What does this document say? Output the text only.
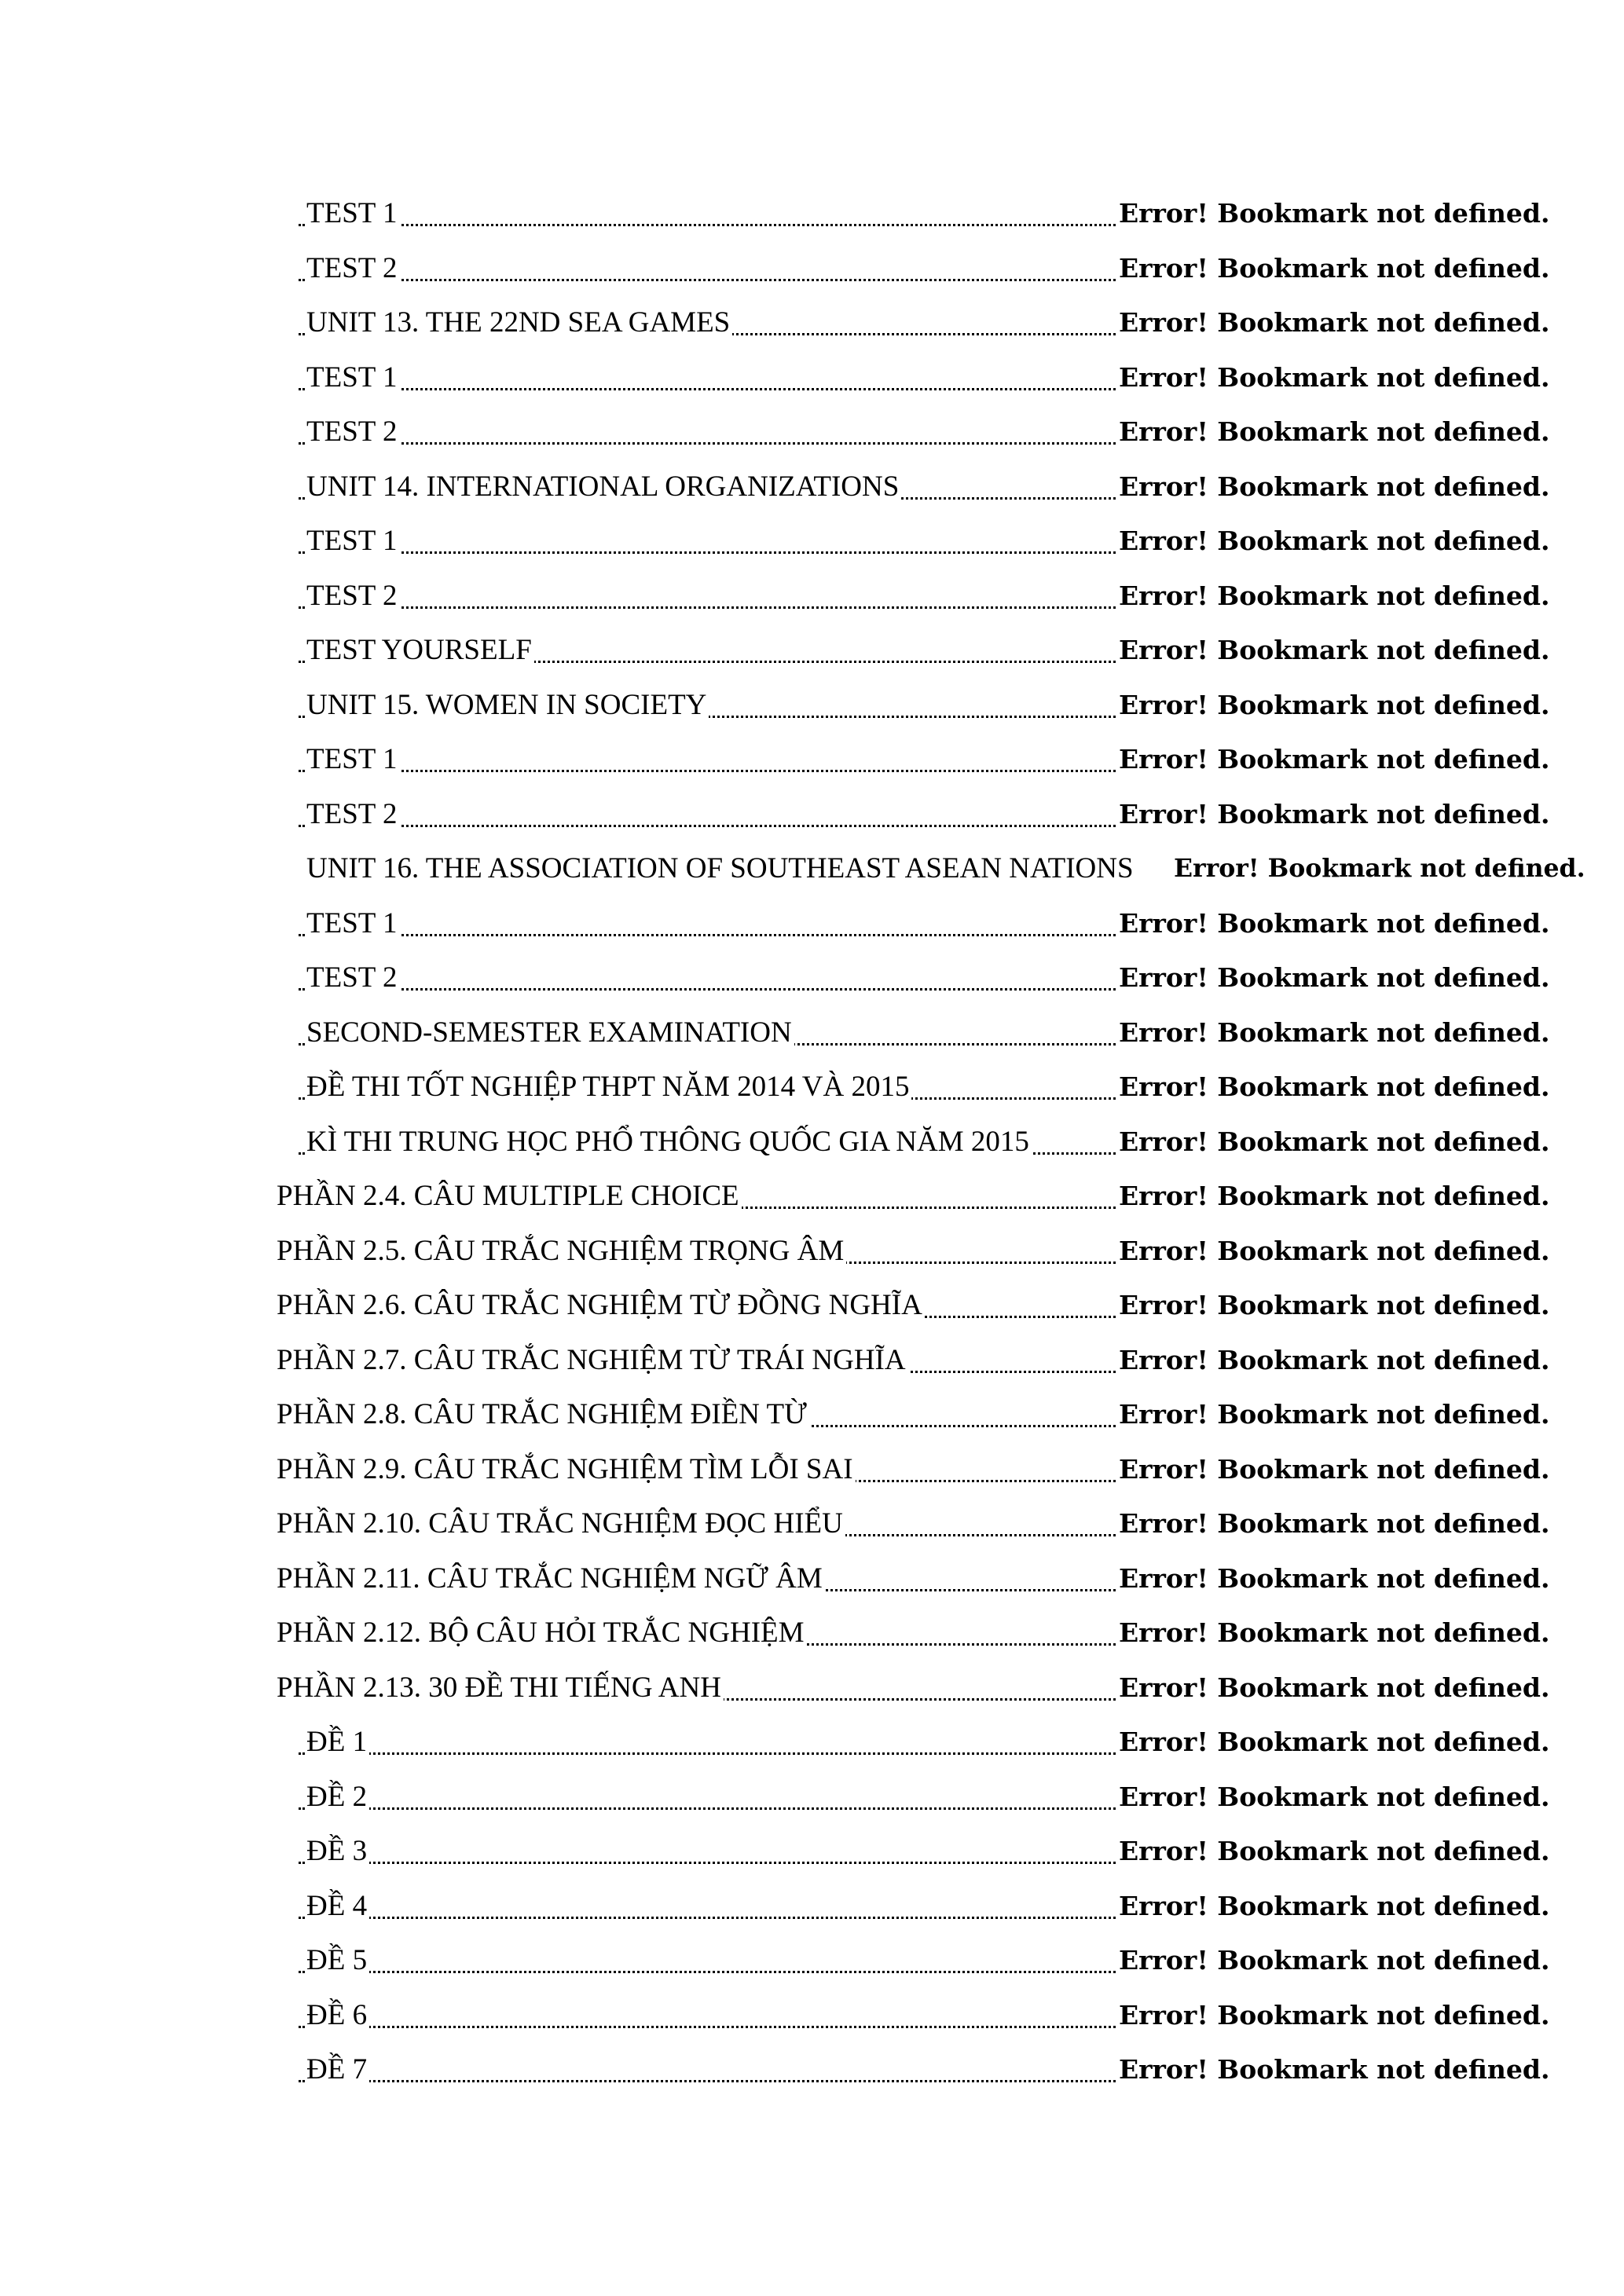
TEST 1	Error! Bookmark not defined.
TEST 2	Error! Bookmark not defined.
UNIT 13. THE 22ND SEA GAMES	Error! Bookmark not defined.
TEST 1	Error! Bookmark not defined.
TEST 2	Error! Bookmark not defined.
UNIT 14. INTERNATIONAL ORGANIZATIONS	Error! Bookmark not defined.
TEST 1	Error! Bookmark not defined.
TEST 2	Error! Bookmark not defined.
TEST YOURSELF	Error! Bookmark not defined.
UNIT 15. WOMEN IN SOCIETY	Error! Bookmark not defined.
TEST 1	Error! Bookmark not defined.
TEST 2	Error! Bookmark not defined.
UNIT 16. THE ASSOCIATION OF SOUTHEAST ASEAN NATIONS Error! Bookmark not defined.
TEST 1	Error! Bookmark not defined.
TEST 2	Error! Bookmark not defined.
SECOND-SEMESTER EXAMINATION	Error! Bookmark not defined.
ĐỀ THI TỐT NGHIỆP THPT NĂM 2014 VÀ 2015	Error! Bookmark not defined.
KÌ THI TRUNG HỌC PHỔ THÔNG QUỐC GIA NĂM 2015	Error! Bookmark not defined.
PHẦN 2.4. CÂU MULTIPLE CHOICE	Error! Bookmark not defined.
PHẦN 2.5. CÂU TRẮC NGHIỆM TRỌNG ÂM	Error! Bookmark not defined.
PHẦN 2.6. CÂU TRẮC NGHIỆM TỪ ĐỒNG NGHĨA	Error! Bookmark not defined.
PHẦN 2.7. CÂU TRẮC NGHIỆM TỪ TRÁI NGHĨA	Error! Bookmark not defined.
PHẦN 2.8. CÂU TRẮC NGHIỆM ĐIỀN TỪ	Error! Bookmark not defined.
PHẦN 2.9. CÂU TRẮC NGHIỆM TÌM LỖI SAI	Error! Bookmark not defined.
PHẦN 2.10. CÂU TRẮC NGHIỆM ĐỌC HIỂU	Error! Bookmark not defined.
PHẦN 2.11. CÂU TRẮC NGHIỆM NGỮ ÂM	Error! Bookmark not defined.
PHẦN 2.12. BỘ CÂU HỎI TRẮC NGHIỆM	Error! Bookmark not defined.
PHẦN 2.13. 30 ĐỀ THI TIẾNG ANH	Error! Bookmark not defined.
ĐỀ 1	Error! Bookmark not defined.
ĐỀ 2	Error! Bookmark not defined.
ĐỀ 3	Error! Bookmark not defined.
ĐỀ 4	Error! Bookmark not defined.
ĐỀ 5	Error! Bookmark not defined.
ĐỀ 6	Error! Bookmark not defined.
ĐỀ 7	Error! Bookmark not defined.
